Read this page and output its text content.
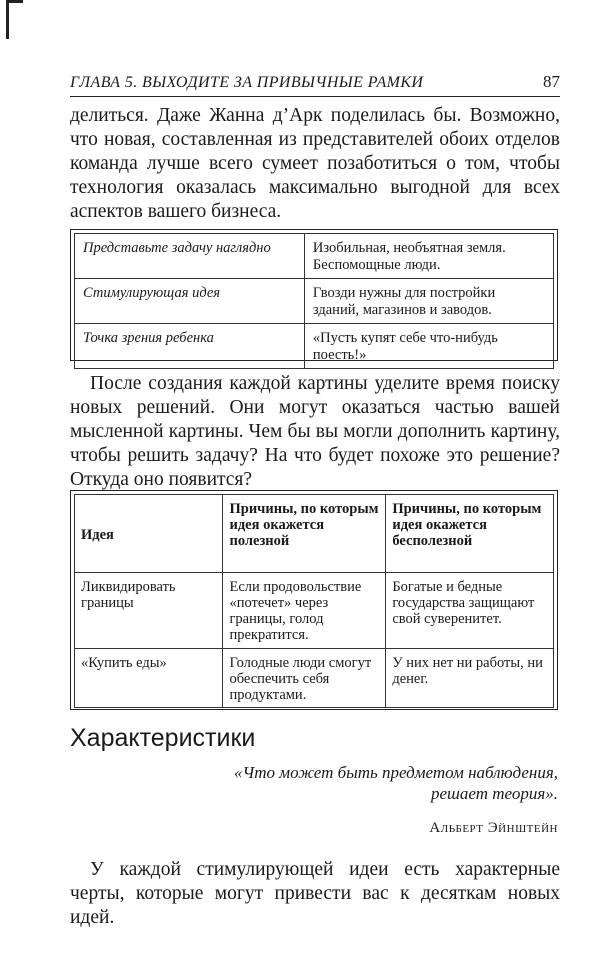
ГЛАВА 5. ВЫХОДИТЕ ЗА ПРИВЫЧНЫЕ РАМКИ	87

делиться. Даже Жанна д’Арк поделилась бы. Возможно, что новая, составленная из представителей обоих отделов команда лучше всего сумеет позаботиться о том, чтобы технология оказалась максимально выгодной для всех аспектов вашего бизнеса.

Представьте задачу наглядно	Изобильная, необъятная земля. Беспомощные люди.
Стимулирующая идея	Гвозди нужны для постройки зданий, магазинов и заводов.
Точка зрения ребенка	«Пусть купят себе что-нибудь поесть!»

После создания каждой картины уделите время поиску новых решений. Они могут оказаться частью вашей мысленной картины. Чем бы вы могли дополнить картину, чтобы решить задачу? На что будет похоже это решение? Откуда оно появится?

Идея	Причины, по которым идея окажется полезной	Причины, по которым идея окажется бесполезной
Ликвидировать границы	Если продовольствие «потечет» через границы, голод прекратится.	Богатые и бедные государства защищают свой суверенитет.
«Купить еды»	Голодные люди смогут обеспечить себя продуктами.	У них нет ни работы, ни денег.
Характеристики
«Что может быть предметом наблюдения,
решает теория».
Альберт Эйнштейн

У каждой стимулирующей идеи есть характерные черты, которые могут привести вас к десяткам новых идей.
